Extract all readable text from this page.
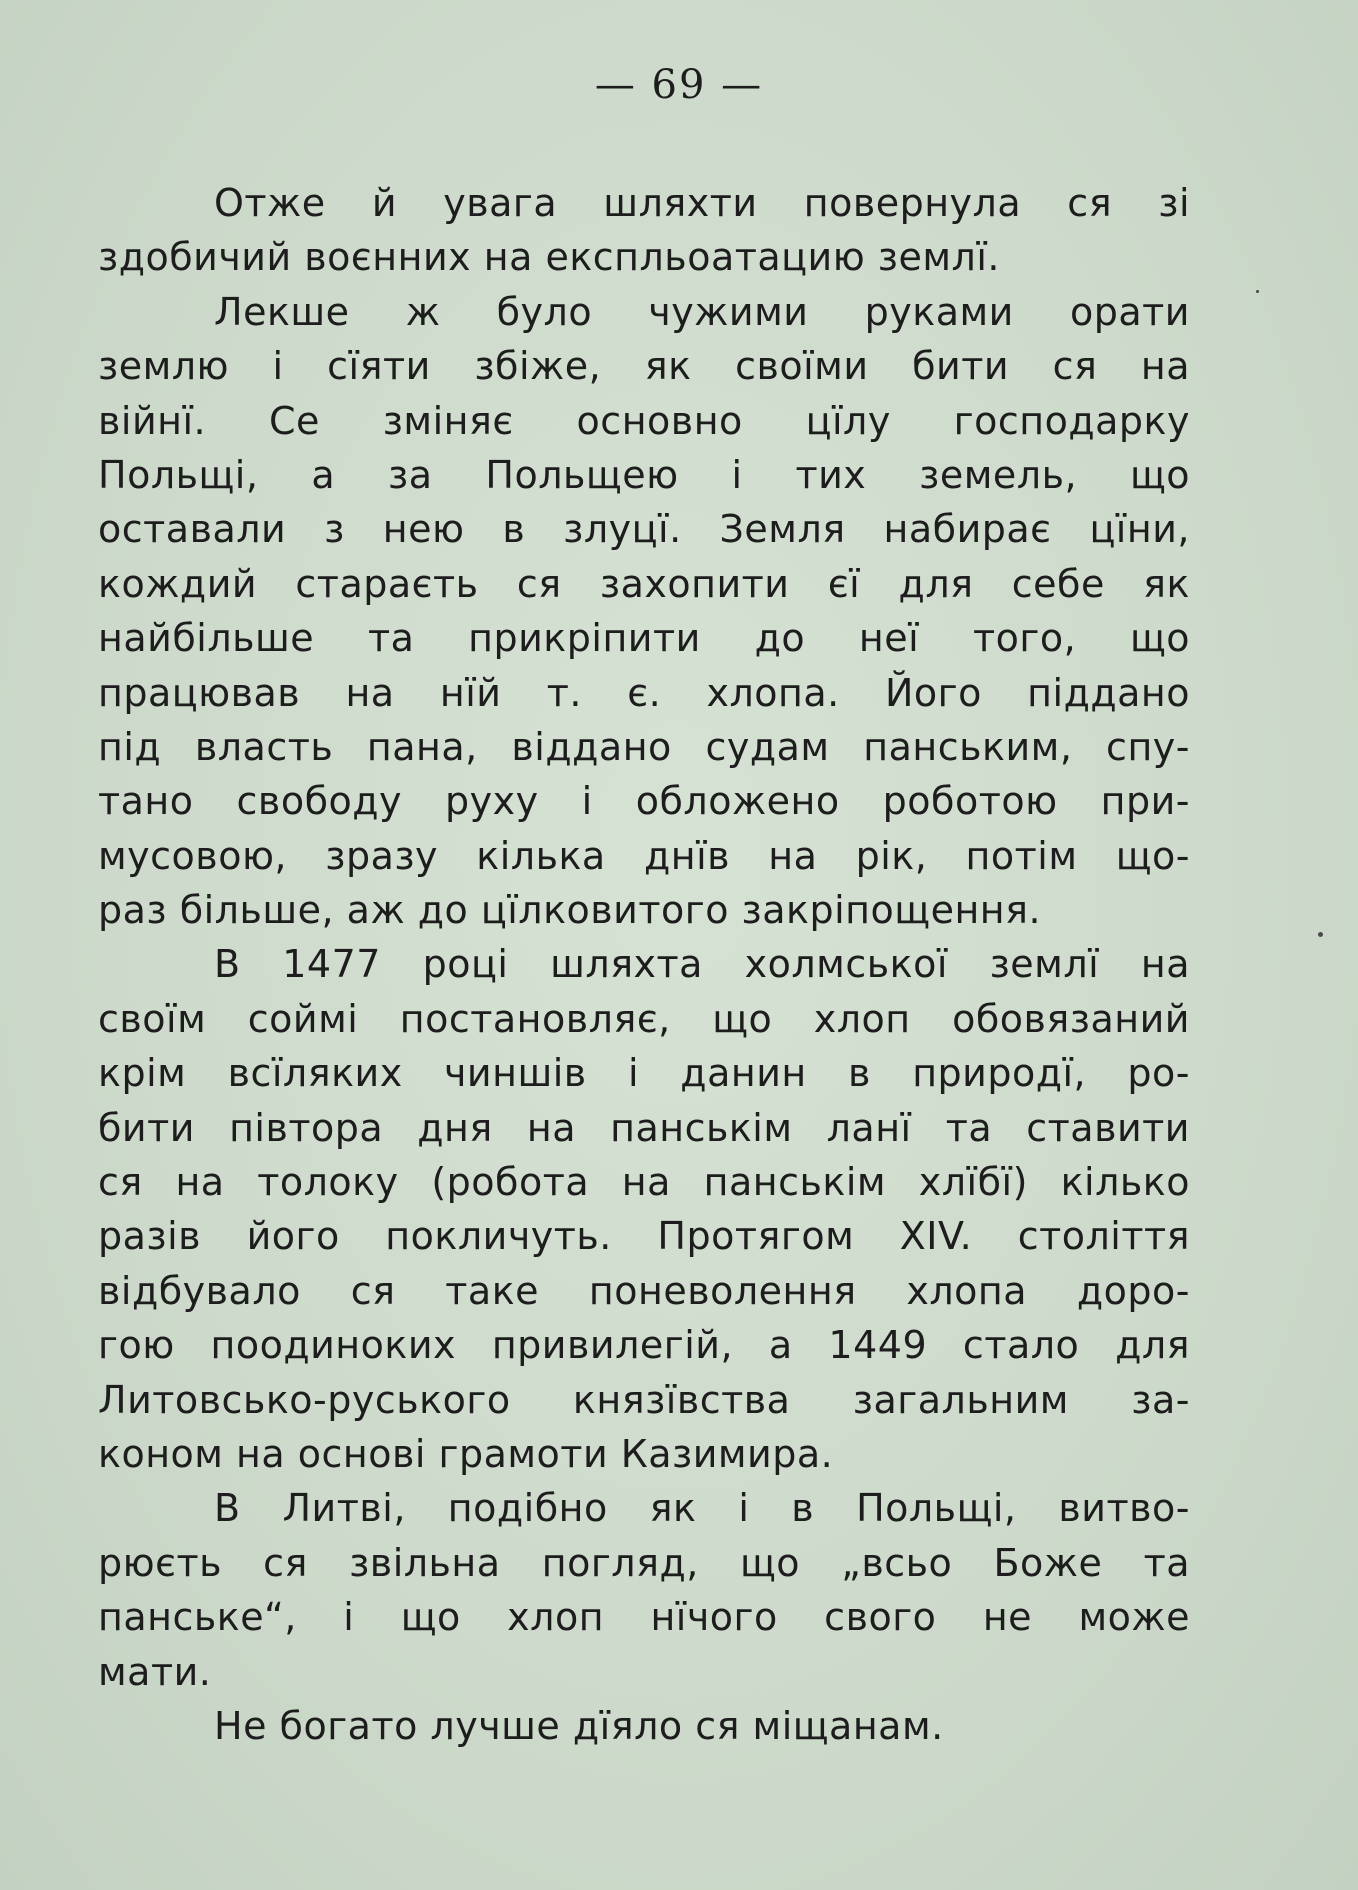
— 69 —
Отже й увага шляхти повернула ся зі
здобичий воєнних на експльоатацию землї.
Лекше ж було чужими руками орати
землю і сїяти збіже, як своїми бити ся на
війнї. Се зміняє основно цїлу господарку
Польщі, а за Польщею і тих земель, що
оставали з нею в злуцї. Земля набирає цїни,
кождий стараєть ся захопити єї для себе як
найбільше та прикріпити до неї того, що
працював на нїй т. є. хлопа. Його піддано
під власть пана, віддано судам панським, спу-
тано свободу руху і обложено роботою при-
мусовою, зразу кілька днїв на рік, потім що-
раз більше, аж до цїлковитого закріпощення.
В 1477 році шляхта холмської землї на
своїм соймі постановляє, що хлоп обовязаний
крім всїляких чиншів і данин в природї, ро-
бити півтора дня на панськім ланї та ставити
ся на толоку (робота на панськім хлїбї) кілько
разів його покличуть. Протягом XIV. століття
відбувало ся таке поневолення хлопа доро-
гою поодиноких привилегій, а 1449 стало для
Литовсько-руського князївства загальним за-
коном на основі грамоти Казимира.
В Литві, подібно як і в Польщі, витво-
рюєть ся звільна погляд, що „всьо Боже та
панське“, і що хлоп нїчого свого не може
мати.
Не богато лучше дїяло ся міщанам.
